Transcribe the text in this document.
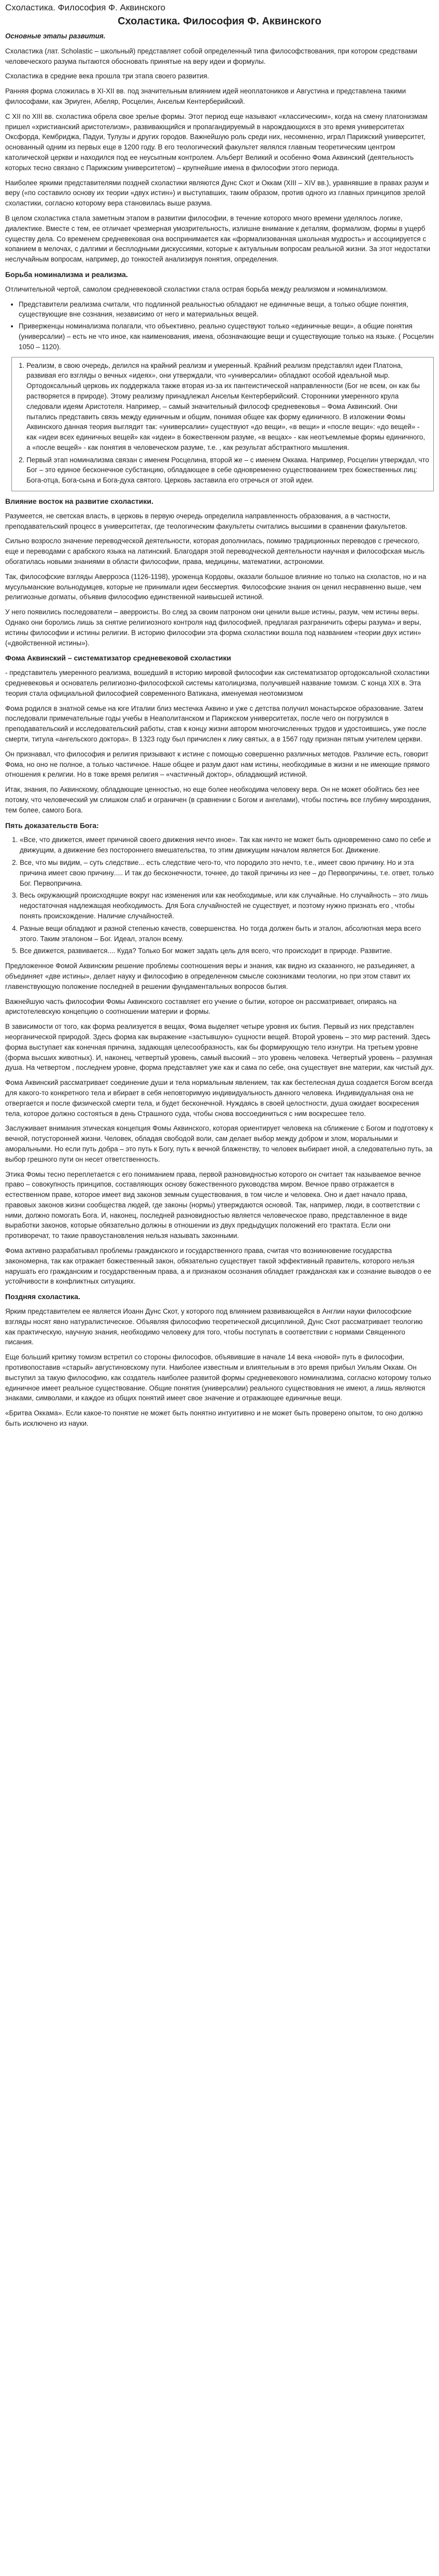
Схоластика. Философия Ф. Аквинского
Схоластика. Философия Ф. Аквинского

Основные этапы развития.

Схоластика (лат. Scholastic – школьный) представляет собой определенный типа философствования, при котором средствами человеческого разума пытаются обосновать принятые на веру идеи и формулы.

Схоластика в средние века прошла три этапа своего развития.

Ранняя форма сложилась в XI-XII вв. под значительным влиянием идей неоплатоников и Августина и представлена такими философами, как Эриуген, Абеляр, Росцелин, Ансельм Кентерберийский.

С XII по XIII вв. схоластика обрела свое зрелые формы. Этот период еще называют «классическим», когда на смену платонизмам пришел «христианский аристотелизм», развивающийся и пропагандируемый в нарождающихся в это время университетах Оксфорда, Кембриджа, Падуи, Тулузы и других городов. Важнейшую роль среди них, несомненно, играл Парижский университет, основанный одним из первых еще в 1200 году. В его теологический факультет являлся главным теоретическим центром католической церкви и находился под ее неусыпным контролем. Альберт Великий и особенно Фома Аквинский (деятельность которых тесно связано с Парижским университетом) – крупнейшие имена в философии этого периода.

Наиболее яркими представителями поздней схоластики являются Дунс Скот и Оккам (XIII – XIV вв.), уравнявшие в правах разум и веру («по составило основу их теории «двух истин») и выступавших, таким образом, против одного из главных принципов зрелой схоластики, согласно которому вера становилась выше разума.

В целом схоластика стала заметным этапом в развитии философии, в течение которого много времени уделялось логике, диалектике. Вместе с тем, ее отличает чрезмерная умозрительность, излишне внимание к деталям, формализм, формы в ущерб существу дела. Со временем средневековая она воспринимается как «формализованная школьная мудрость» и ассоциируется с копанием в мелочах, с далгими и бесплодными дискуссиями, которые к актуальным вопросам реальной жизни. За этот недостатки неслучайным вопросам, например, до тонкостей анализируя понятия, определения.

Борьба номинализма и реализма.

Отличительной чертой, самолом средневековой схоластики стала острая борьба между реализмом и номинализмом.

• Представители реализма считали, что подлинной реальностью обладают не единичные вещи, а только общие понятия, существующие вне сознания, независимо от него и материальных вещей.
• Приверженцы номинализма полагали, что объективно, реально существуют только «единичные вещи», а общие понятия (универсалии) – есть не что иное, как наименования, имена, обозначающие вещи и существующие только на языке. ( Росцелин 1050 – 1120).
1. Реализм, в свою очередь, делился на крайний реализм и умеренный. Крайний реализм представлял идеи Платона, развивая его взгляды о вечных «идеях», они утверждали, что «универсалии» обладают особой идеальной мыр. Ортодоксальный церковь их поддержала также вторая из-за их пантеистической направленности (Бог не всем, он как бы растворяется в природе). Этому реализму принадлежал Ансельм Кентерберийский. Сторонники умеренного крула следовали идеям Аристотеля. Например, – самый значительный философ средневековья – Фома Аквинский. Они пытались представить связь между единичным и общим, понимая общее как форму единичного. В изложении Фомы Аквинского данная теория выглядит так: «универсалии» существуют «до вещи», «в вещи» и «после вещи»: «до вещей» - как «идеи всех единичных вещей» как «идеи» в божественном разуме, «в вещах» - как неотъемлемые формы единичного, а «после вещей» - как понятия в человеческом разуме, т.е. , как результат абстрактного мышления.
2. Первый этап номинализма связан с именем Росцелина, второй же – с именем Оккама. Например, Росцелин утверждал, что Бог – это единое бесконечное субстанцию, обладающее в себе одновременно существованием трех божественных лиц: Бога-отца, Бога-сына и Бога-духа святого. Церковь заставила его отречься от этой идеи.
Влияние восток на развитие схоластики.

Разумеется, не светская власть, в церковь в первую очередь определила направленность образования, а в частности, преподавательский процесс в университетах, где теологическим факультеты считались высшими в сравнении факультетов.

Сильно возросло значение переводческой деятельности, которая дополнилась, помимо традиционных переводов с греческого, еще и переводами с арабского языка на латинский. Благодаря этой переводческой деятельности научная и философская мысль обогатилась новыми знаниями в области философии, права, медицины, математики, астрономии.

Так, философские взгляды Аверроэса (1126-1198), уроженца Кордовы, оказали большое влияние но только на схоластов, но и на мусульманские вольнодумцев, которые не принимали идеи бессмертия. Философские знания он ценил несравненно выше, чем религиозные догматы, объявив философию единственной наивысшей истиной.

У него появились последователи – аверроисты. Во след за своим патроном они ценили выше истины, разум, чем истины веры. Однако они боролись лишь за снятие религиозного контроля над философией, предлагая разграничить сферы разума» и веры, истины философии и истины религии. В историю философии эта форма схоластики вошла под названием «теории двух истин» («двойственной истины»).

Фома Аквинский – систематизатор средневековой схоластики

- представитель умеренного реализма, вошедший в историю мировой философии как систематизатор ортодоксальной схоластики средневековья и основатель религиозно-философской системы католицизма, получившей название томизм. С конца XIX в. Эта теория стала официальной философией современного Ватикана, именуемая неотомизмом

Фома родился в знатной семье на юге Италии близ местечка Аквино и уже с детства получил монастырское образование. Затем последовали примечательные годы учебы в Неаполитанском и Парижском университетах, после чего он погрузился в преподавательский и исследовательский работы, став к концу жизни автором многочисленных трудов и удостоившись, уже после смерти, титула «ангельского доктора». В 1323 году был причислен к лику святых, а в 1567 году признан пятым учителем церкви.

Он признавал, что философия и религия призывают к истине с помощью совершенно различных методов. Различие есть, говорит Фома, но оно не полное, а только частичное. Наше общее и разум дают нам истины, необходимые в жизни и не имеющие прямого отношения к религии. Но в тоже время религия – «частичный доктор», обладающий истиной.

Итак, знания, по Аквинскому, обладающие ценностью, но еще более необходима человеку вера. Он не может обойтись без нее потому, что человеческий ум слишком слаб и ограничен (в сравнении с Богом и ангелами), чтобы постичь все глубину мироздания, тем более, самого Бога.

Пять доказательств Бога:
1. «Все, что движется, имеет причиной своего движения нечто иное». Так как ничто не может быть одновременно само по себе и движущим, а движение без постороннего вмешательства, то этим движущим началом является Бог. Движение.
2. Все, что мы видим, – суть следствие... есть следствие чего-то, что породило это нечто, т.е., имеет свою причину. Но и эта причина имеет свою причину..... И так до бесконечности, точнее, до такой причины из нее – до Первопричины, т.е. ответ, только Бог. Первопричина.
3. Весь окружающий происходящие вокруг нас изменения или как необходимые, или как случайные. Но случайность – это лишь недостаточная надлежащая необходимость. Для Бога случайностей не существует, и поэтому нужно признать его , чтобы понять происхождение. Наличие случайностей.
4. Разные вещи обладают и разной степенью качеств, совершенства. Но тогда должен быть и эталон, абсолютная мера всего этого. Таким эталоном – Бог. Идеал, эталон всему.
5. Все движется, развивается.... Куда? Только Бог может задать цель для всего, что происходит в природе. Развитие.

Предложенное Фомой Аквинским решение проблемы соотношения веры и знания, как видно из сказанного, не разъединяет, а объединяет «две истины», делает науку и философию в определенном смысле союзниками теологии, но при этом ставит их главенствующую положение последней в решении фундаментальных вопросов бытия.

Важнейшую часть философии Фомы Аквинского составляет его учение о бытии, которое он рассматривает, опираясь на аристотелевскую концепцию о соотношении материи и формы.

В зависимости от того, как форма реализуется в вещах, Фома выделяет четыре уровня их бытия. Первый из них представлен неорганической природой. Здесь форма как выражение «застывшую» сущности вещей. Второй уровень – это мир растений. Здесь форма выступает как конечная причина, задающая целесообразность, как бы формирующую тело изнутри. На третьем уровне (форма высших животных). И, наконец, четвертый уровень, самый высокий – это уровень человека. Четвертый уровень – разумная душа. На четвертом , последнем уровне, форма представляет уже как и сама по себе, она существует вне материи, как чистый дух.

Фома Аквинский рассматривает соединение души и тела нормальным явлением, так как бестелесная душа создается Богом всегда для какого-то конкретного тела и вбирает в себя неповторимую индивидуальность данного человека. Индивидуальная она не отвергается и после физической смерти тела, и будет бесконечной. Нуждаясь в своей целостности, душа ожидает воскресения тела, которое должно состояться в день Страшного суда, чтобы снова воссоединиться с ним воскресшее тело.

Заслуживает внимания этическая концепция Фомы Аквинского, которая ориентирует человека на сближение с Богом и подготовку к вечной, потусторонней жизни. Человек, обладая свободой воли, сам делает выбор между добром и злом, моральными и аморальными. Но если путь добра – это путь к Богу, путь к вечной блаженству, то человек выбирает иной, а следовательно путь, за выбор грешного пути он несет ответственность.

Этика Фомы тесно переплетается с его пониманием права, первой разновидностью которого он считает так называемое вечное право – совокупность принципов, составляющих основу божественного руководства миром. Вечное право отражается в естественном праве, которое имеет вид законов земным существования, в том числе и человека. Оно и дает начало права, правовых законов жизни сообщества людей, где законы (нормы) утверждаются основой. Так, например, люди, в соответствии с ними, должно помогать Бога. И, наконец, последней разновидностью является человеческое право, представленное в виде выработки законов, которые обязательно должны в отношении из двух предыдущих положений его трактата. Если они противоречат, то такие правоустановления нельзя называть законными.

Фома активно разрабатывал проблемы гражданского и государственного права, считая что возникновение государства закономерна, так как отражает божественный закон, обязательно существует такой эффективный правитель, которого нельзя нарушать его гражданским и государственным права, а и признаком осознания обладает гражданская как и сознание выводов о ее устойчивости в конфликтных ситуациях.

Поздняя схоластика.

Ярким представителем ее является Иоанн Дунс Скот, у которого под влиянием развивающейся в Англии науки философские взгляды носят явно натуралистическое. Объявляя философию теоретической дисциплиной, Дунс Скот рассматривает теологию как практическую, научную знания, необходимо человеку для того, чтобы поступать в соответствии с нормами Священного писания.

Еще больший критику томизм встретил со стороны философов, объявившие в начале 14 века «новой» путь в философии, противопоставив «старый» августиновскому пути. Наиболее известным и влиятельным в это время прибыл Уильям Оккам. Он выступил за такую философию, как создатель наиболее развитой формы средневекового номинализма, согласно которому только единичное имеет реальное существование. Общие понятия (универсалии) реального существования не имеют, а лишь являются знаками, символами, и каждое из общих понятий имеет свое значение и отражающее единичные вещи.

«Бритва Оккама». Если какое-то понятие не может быть понятно интуитивно и не может быть проверено опытом, то оно должно быть исключено из науки.
